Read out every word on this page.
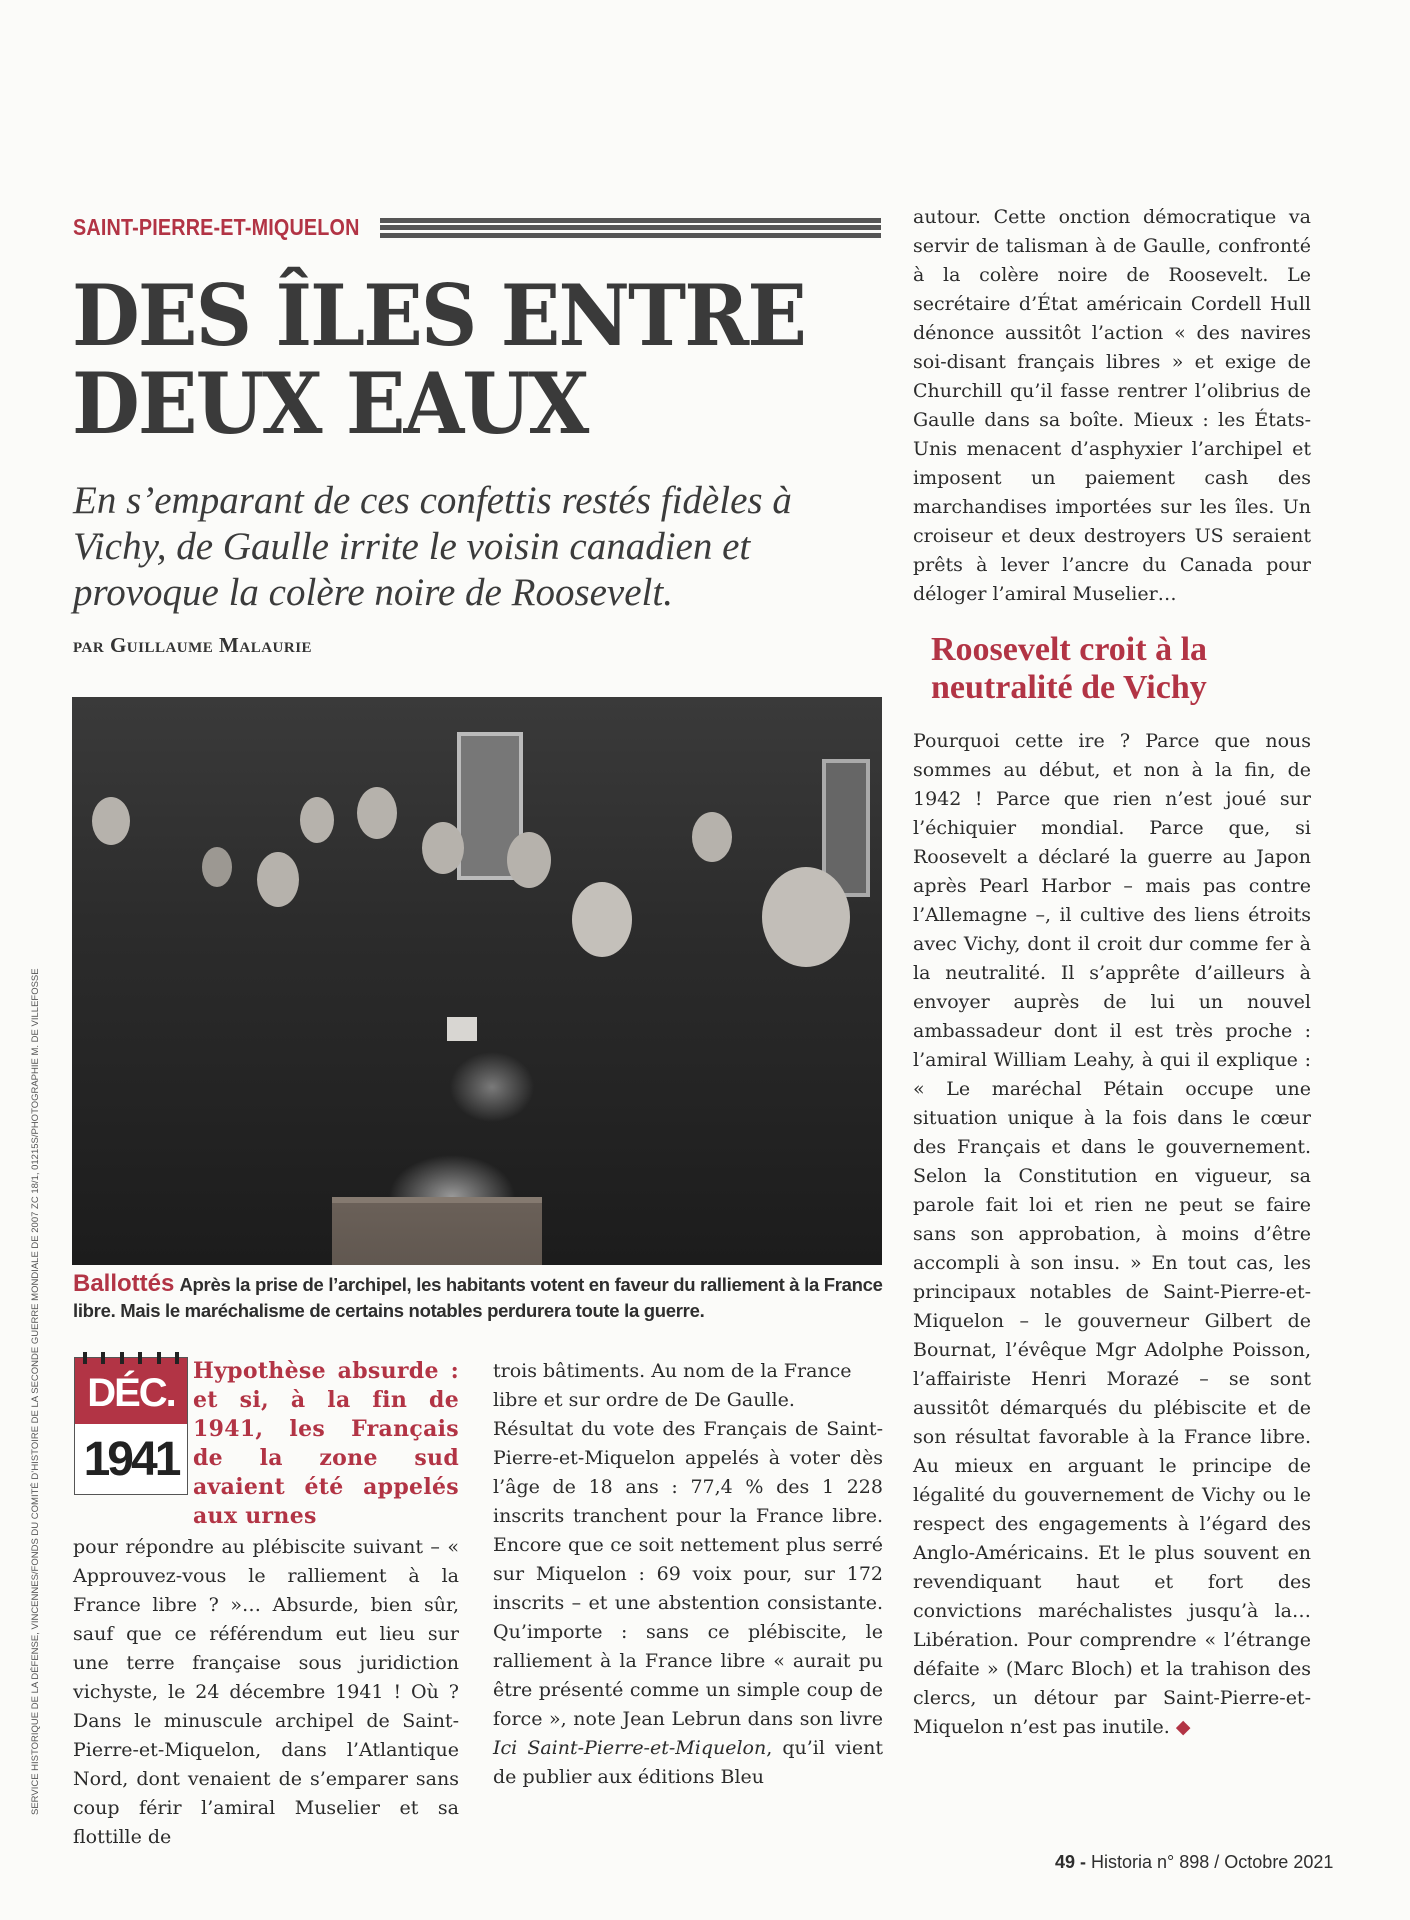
SAINT-PIERRE-ET-MIQUELON
DES ÎLES ENTRE
DEUX EAUX

En s’emparant de ces confettis restés fidèles à Vichy, de Gaulle irrite le voisin canadien et provoque la colère noire de Roosevelt.

par Guillaume Malaurie
SERVICE HISTORIQUE DE LA DÉFENSE, VINCENNES/FONDS DU COMITÉ D’HISTOIRE DE LA SECONDE GUERRE MONDIALE DE 2007 ZC 18/1, 01215S/PHOTOGRAPHIE M. DE VILLEFOSSE Ballottés Après la prise de l’archipel, les habitants votent en faveur du ralliement à la France libre. Mais le maréchalisme de certains notables perdurera toute la guerre.
DÉC.
1941
Hypothèse absurde : et si, à la fin de 1941, les Français de la zone sud avaient été appelés aux urnes

pour répondre au plébiscite suivant – « Approuvez-vous le ralliement à la France libre ? »… Absurde, bien sûr, sauf que ce référendum eut lieu sur une terre française sous juridiction vichyste, le 24 décembre 1941 ! Où ? Dans le minuscule archipel de Saint-Pierre-et-Miquelon, dans l’Atlantique Nord, dont venaient de s’emparer sans coup férir l’amiral Muselier et sa flottille de

trois bâtiments. Au nom de la France libre et sur ordre de De Gaulle.

Résultat du vote des Français de Saint-Pierre-et-Miquelon appelés à voter dès l’âge de 18 ans : 77,4 % des 1 228 inscrits tranchent pour la France libre. Encore que ce soit nettement plus serré sur Miquelon : 69 voix pour, sur 172 inscrits – et une abstention consistante. Qu’importe : sans ce plébiscite, le ralliement à la France libre « aurait pu être présenté comme un simple coup de force », note Jean Lebrun dans son livre Ici Saint-Pierre-et-Miquelon, qu’il vient de publier aux éditions Bleu

autour. Cette onction démocratique va servir de talisman à de Gaulle, confronté à la colère noire de Roosevelt. Le secrétaire d’État américain Cordell Hull dénonce aussitôt l’action « des navires soi-disant français libres » et exige de Churchill qu’il fasse rentrer l’olibrius de Gaulle dans sa boîte. Mieux : les États-Unis menacent d’asphyxier l’archipel et imposent un paiement cash des marchandises importées sur les îles. Un croiseur et deux destroyers US seraient prêts à lever l’ancre du Canada pour déloger l’amiral Muselier…

Roosevelt croit à la neutralité de Vichy

Pourquoi cette ire ? Parce que nous sommes au début, et non à la fin, de 1942 ! Parce que rien n’est joué sur l’échiquier mondial. Parce que, si Roosevelt a déclaré la guerre au Japon après Pearl Harbor – mais pas contre l’Allemagne –, il cultive des liens étroits avec Vichy, dont il croit dur comme fer à la neutralité. Il s’apprête d’ailleurs à envoyer auprès de lui un nouvel ambassadeur dont il est très proche : l’amiral William Leahy, à qui il explique : « Le maréchal Pétain occupe une situation unique à la fois dans le cœur des Français et dans le gouvernement. Selon la Constitution en vigueur, sa parole fait loi et rien ne peut se faire sans son approbation, à moins d’être accompli à son insu. » En tout cas, les principaux notables de Saint-Pierre-et-Miquelon – le gouverneur Gilbert de Bournat, l’évêque Mgr Adolphe Poisson, l’affairiste Henri Morazé – se sont aussitôt démarqués du plébiscite et de son résultat favorable à la France libre. Au mieux en arguant le principe de légalité du gouvernement de Vichy ou le respect des engagements à l’égard des Anglo-Américains. Et le plus souvent en revendiquant haut et fort des convictions maréchalistes jusqu’à la… Libération. Pour comprendre « l’étrange défaite » (Marc Bloch) et la trahison des clercs, un détour par Saint-Pierre-et-Miquelon n’est pas inutile. ◆

49 - Historia n° 898 / Octobre 2021
